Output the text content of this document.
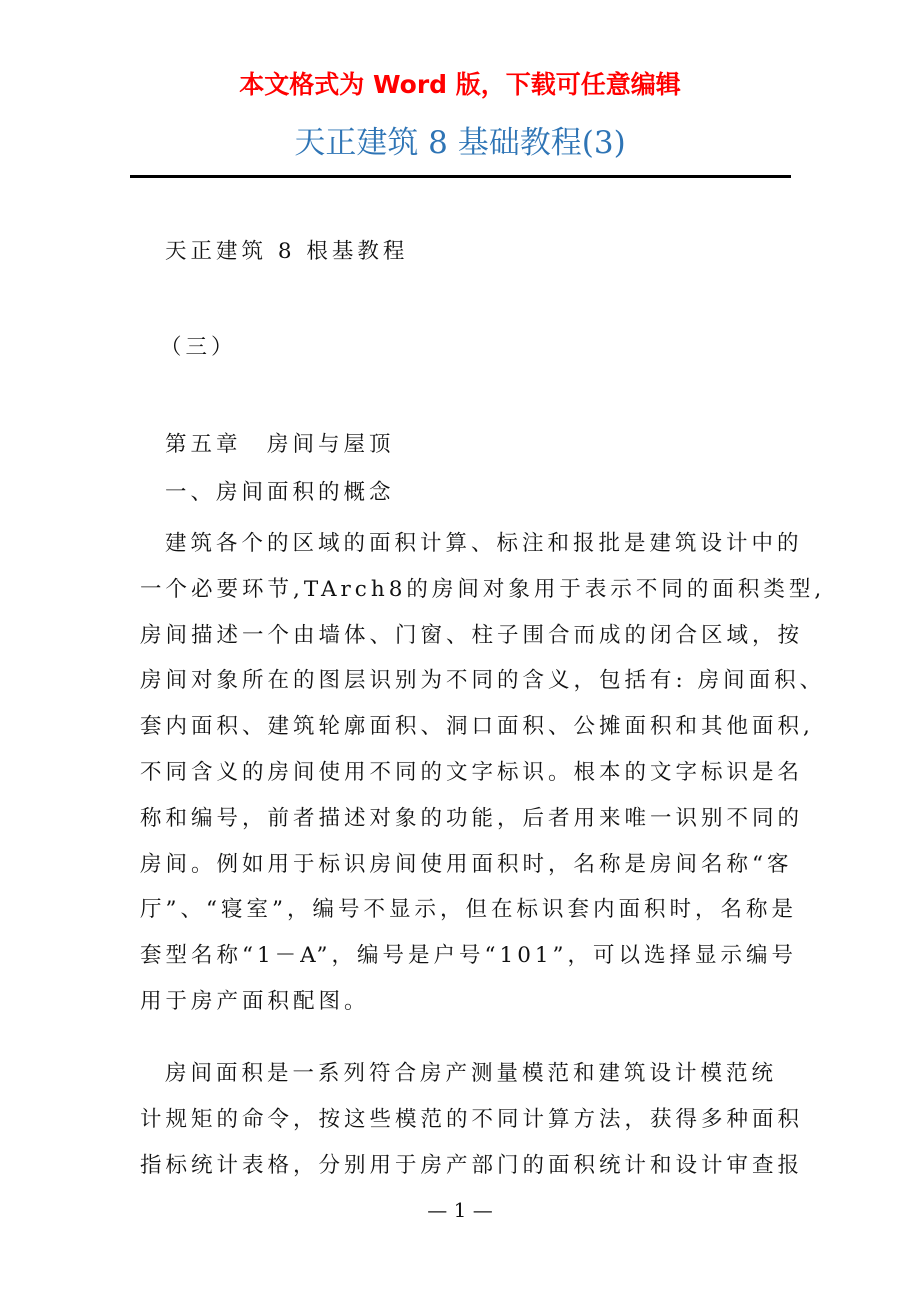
本文格式为 Word 版，下载可任意编辑
天正建筑 8 基础教程(3)
天正建筑 8 根基教程
（三）
第五章　房间与屋顶
一、房间面积的概念
建筑各个的区域的面积计算、标注和报批是建筑设计中的
一个必要环节,TArch8的房间对象用于表示不同的面积类型,
房间描述一个由墙体、门窗、柱子围合而成的闭合区域，按
房间对象所在的图层识别为不同的含义，包括有: 房间面积、
套内面积、建筑轮廓面积、洞口面积、公摊面积和其他面积,
不同含义的房间使用不同的文字标识。根本的文字标识是名
称和编号，前者描述对象的功能，后者用来唯一识别不同的
房间。例如用于标识房间使用面积时，名称是房间名称“客
厅”、“寝室”，编号不显示，但在标识套内面积时，名称是
套型名称“1－A”，编号是户号“101”，可以选择显示编号
用于房产面积配图。
房间面积是一系列符合房产测量模范和建筑设计模范统
计规矩的命令，按这些模范的不同计算方法，获得多种面积
指标统计表格，分别用于房产部门的面积统计和设计审查报
— 1 —
